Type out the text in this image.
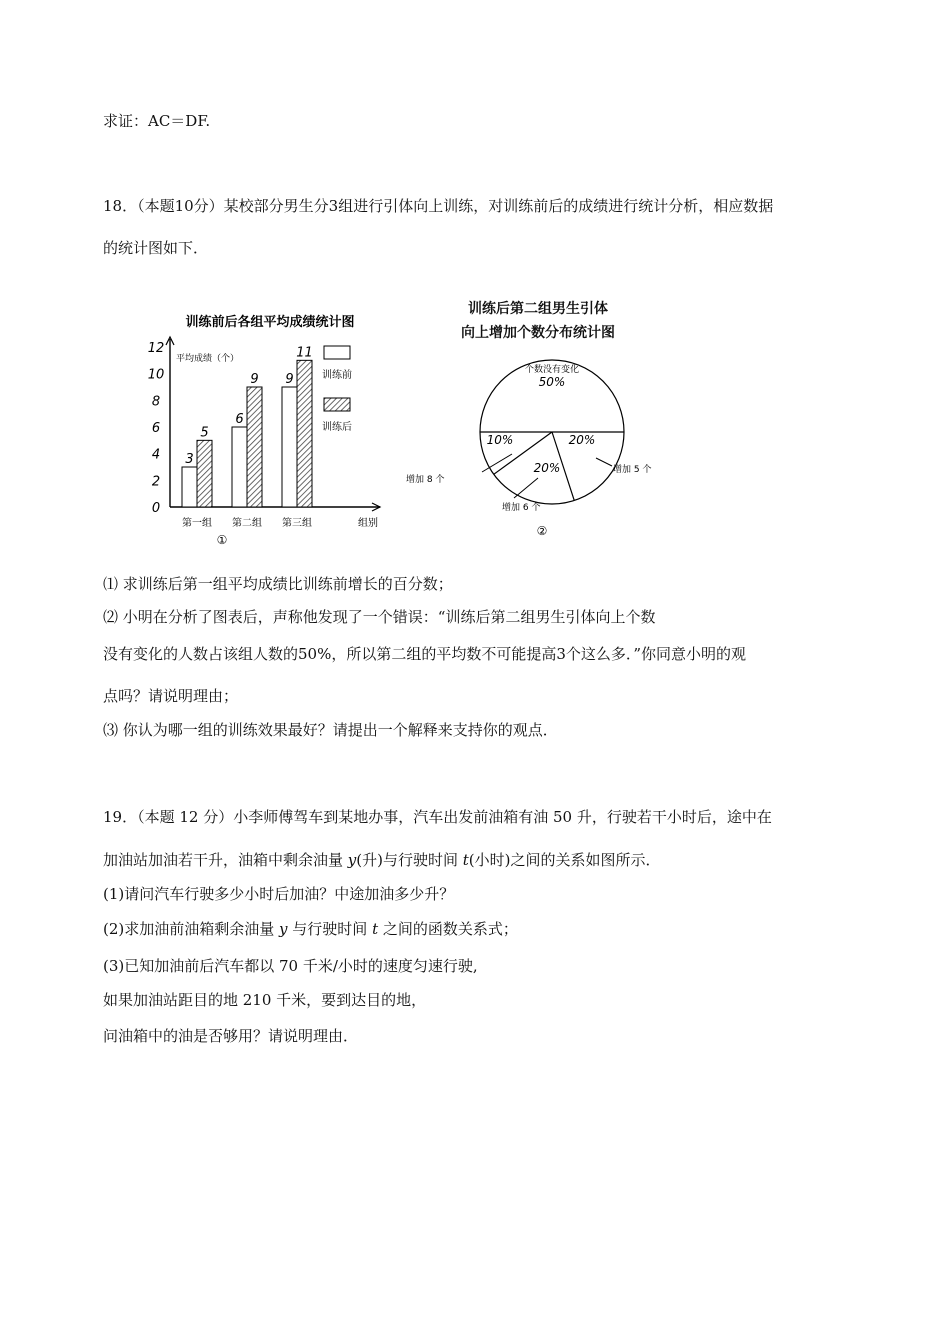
求证：AC＝DF.
18．（本题10分）某校部分男生分3组进行引体向上训练，对训练前后的成绩进行统计分析，相应数据
的统计图如下．
训练前后各组平均成绩统计图
0
2
4
6
8
10
12
平均成绩（个）
组别
第一组
3
5
第二组
6
9
第三组
9
11
①
训练前
训练后
训练后第二组男生引体
向上增加个数分布统计图
50%
个数没有变化
10%
增加 8 个
20%
增加 6 个
20%
增加 5 个
②
⑴ 求训练后第一组平均成绩比训练前增长的百分数；
⑵ 小明在分析了图表后，声称他发现了一个错误：“训练后第二组男生引体向上个数
没有变化的人数占该组人数的50%，所以第二组的平均数不可能提高3个这么多．”你同意小明的观
点吗？请说明理由；
⑶ 你认为哪一组的训练效果最好？请提出一个解释来支持你的观点．
19．（本题 12 分）小李师傅驾车到某地办事，汽车出发前油箱有油 50 升，行驶若干小时后，途中在
加油站加油若干升，油箱中剩余油量 y(升)与行驶时间 t(小时)之间的关系如图所示．
(1)请问汽车行驶多少小时后加油？中途加油多少升？
(2)求加油前油箱剩余油量 y 与行驶时间 t 之间的函数关系式；
(3)已知加油前后汽车都以 70 千米/小时的速度匀速行驶,
如果加油站距目的地 210 千米，要到达目的地，
问油箱中的油是否够用？请说明理由．
